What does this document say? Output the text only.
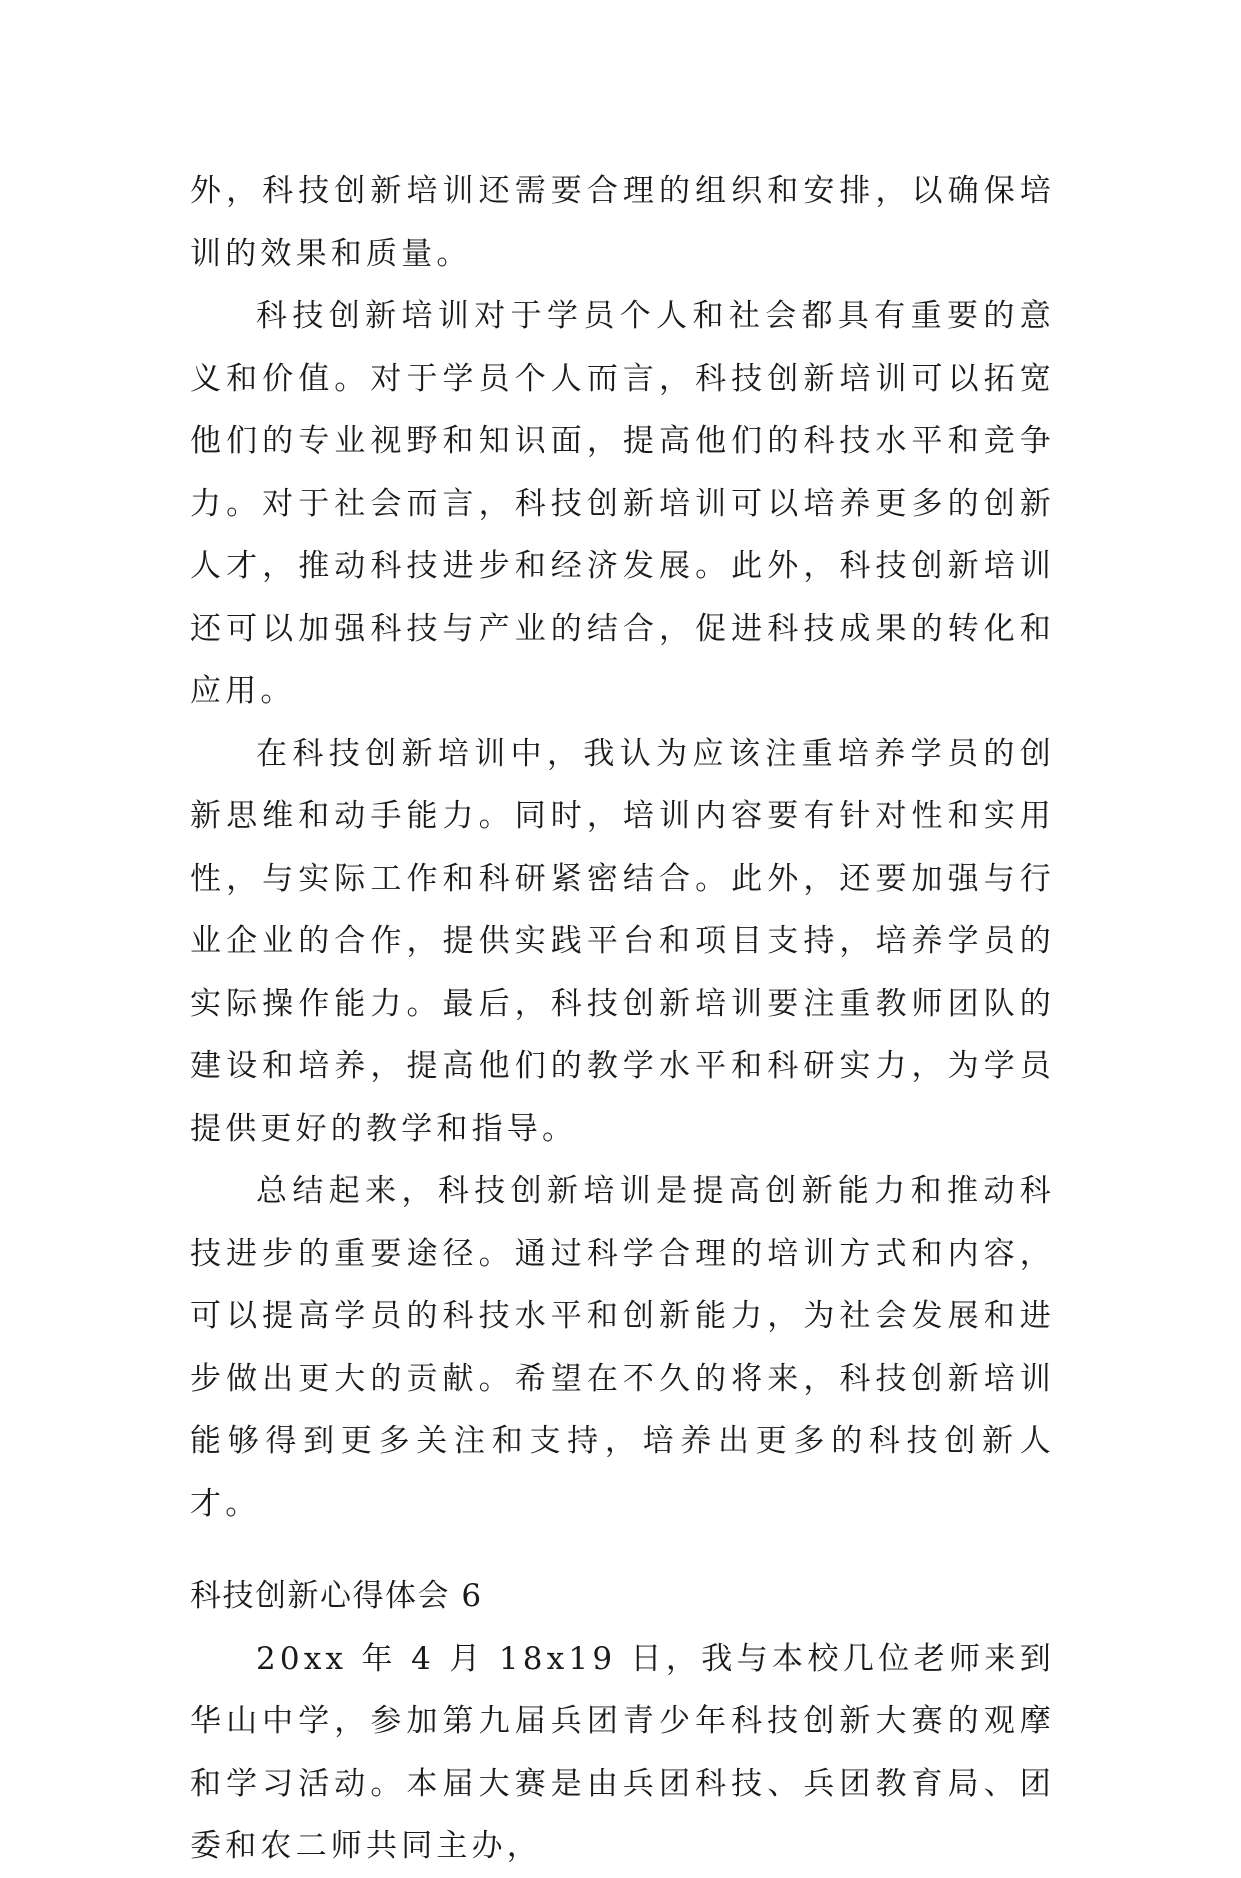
外，科技创新培训还需要合理的组织和安排，以确保培训的效果和质量。

科技创新培训对于学员个人和社会都具有重要的意义和价值。对于学员个人而言，科技创新培训可以拓宽他们的专业视野和知识面，提高他们的科技水平和竞争力。对于社会而言，科技创新培训可以培养更多的创新人才，推动科技进步和经济发展。此外，科技创新培训还可以加强科技与产业的结合，促进科技成果的转化和应用。

在科技创新培训中，我认为应该注重培养学员的创新思维和动手能力。同时，培训内容要有针对性和实用性，与实际工作和科研紧密结合。此外，还要加强与行业企业的合作，提供实践平台和项目支持，培养学员的实际操作能力。最后，科技创新培训要注重教师团队的建设和培养，提高他们的教学水平和科研实力，为学员提供更好的教学和指导。

总结起来，科技创新培训是提高创新能力和推动科技进步的重要途径。通过科学合理的培训方式和内容，可以提高学员的科技水平和创新能力，为社会发展和进步做出更大的贡献。希望在不久的将来，科技创新培训能够得到更多关注和支持，培养出更多的科技创新人才。

科技创新心得体会 6

20xx 年 4 月 18x19 日，我与本校几位老师来到华山中学，参加第九届兵团青少年科技创新大赛的观摩和学习活动。本届大赛是由兵团科技、兵团教育局、团委和农二师共同主办，
